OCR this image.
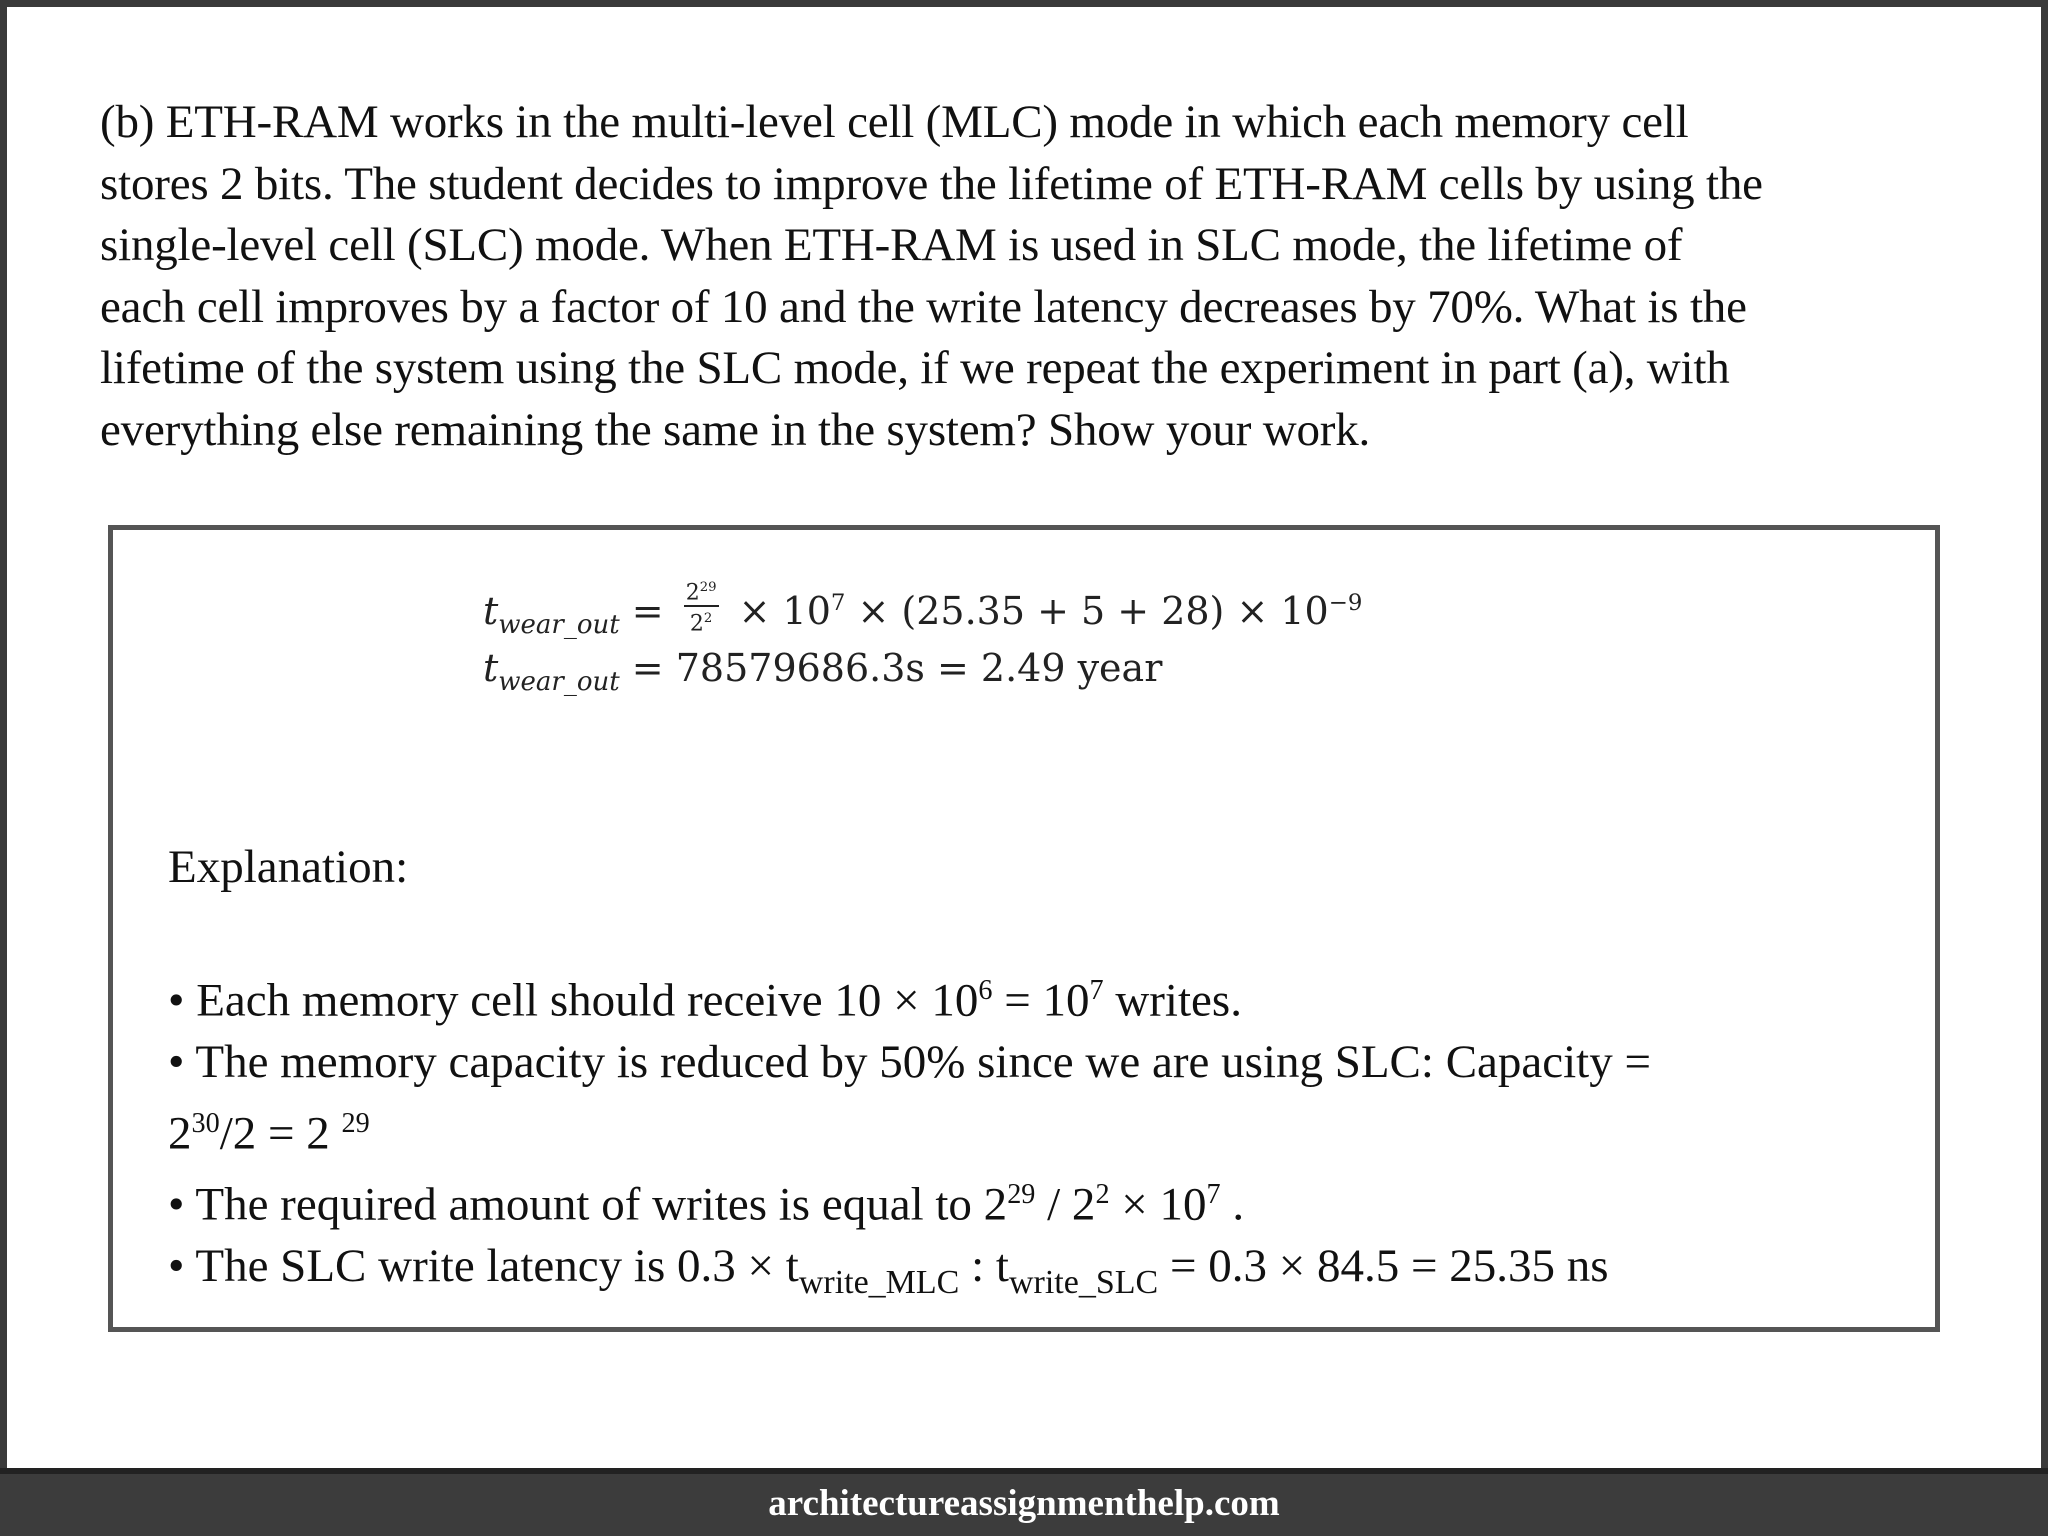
(b) ETH-RAM works in the multi-level cell (MLC) mode in which each memory cell
stores 2 bits. The student decides to improve the lifetime of ETH-RAM cells by using the
single-level cell (SLC) mode. When ETH-RAM is used in SLC mode, the lifetime of
each cell improves by a factor of 10 and the write latency decreases by 70%. What is the
lifetime of the system using the SLC mode, if we repeat the experiment in part (a), with
everything else remaining the same in the system? Show your work.
$t_{wear\_out} = \frac{2^{29}}{2^2} \times 10^7 \times (25.35 + 5 + 28) \times 10^{-9}$
$t_{wear\_out} = 78579686.3s = 2.49$ year
Explanation:
• Each memory cell should receive $10 \times 10^6 = 10^7$ writes.
• The memory capacity is reduced by 50% since we are using SLC: Capacity =
$2^{30}/2 = 2$ $^{29}$
• The required amount of writes is equal to $2^{29} / 2^2 \times 10^7$ .
• The SLC write latency is $0.3 \times t_{write\_MLC}$ : $t_{write\_SLC} = 0.3 \times 84.5 = 25.35$ ns
architectureassignmenthelp.com
